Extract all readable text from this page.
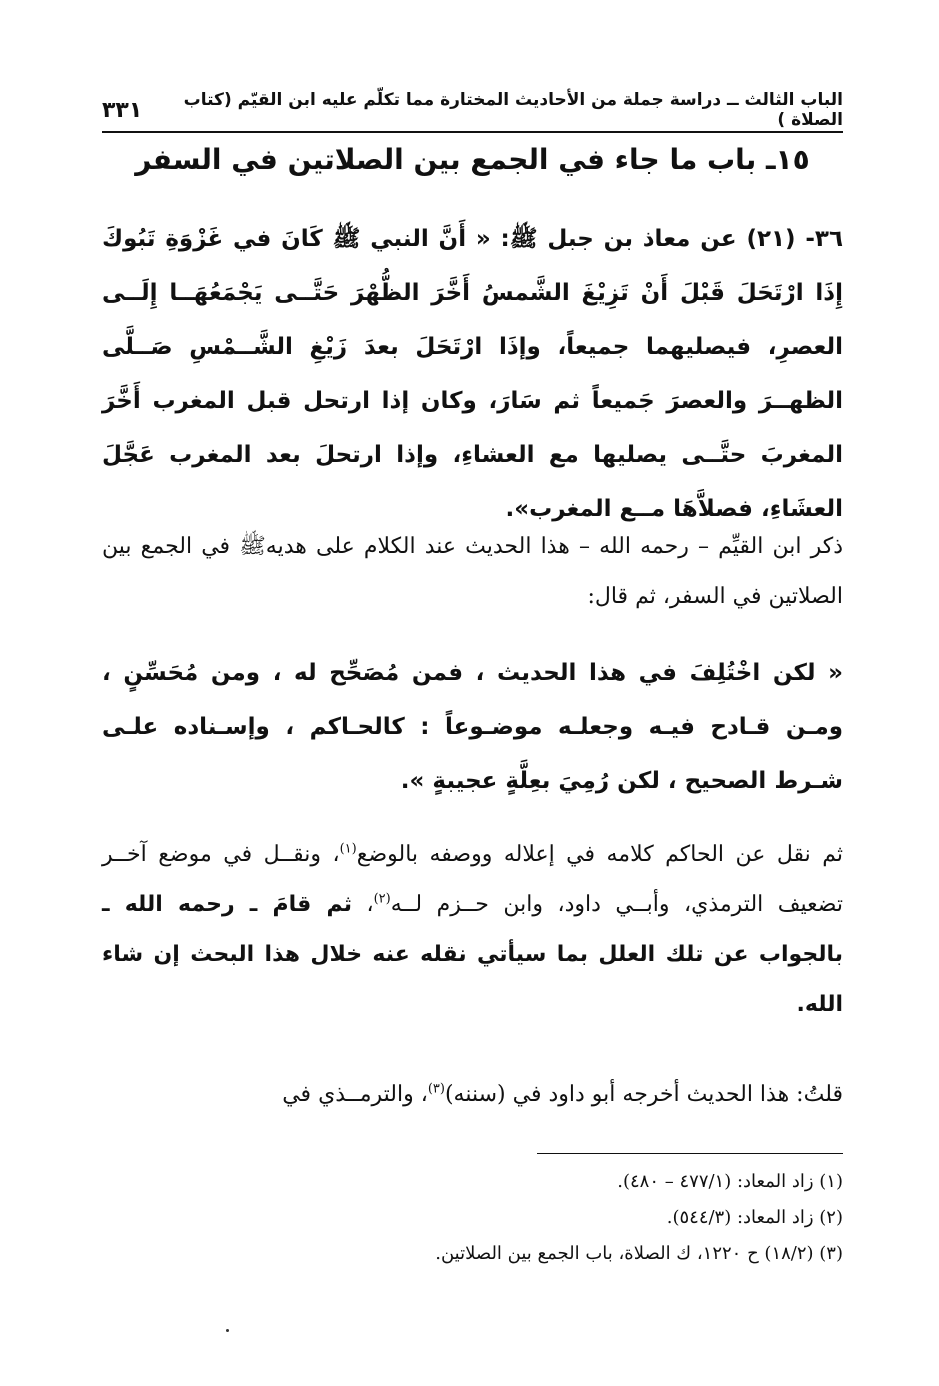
الباب الثالث ــ دراسة جملة من الأحاديث المختارة مما تكلّم عليه ابن القيّم (كتاب الصلاة )
٣٣١
١٥ـ باب ما جاء في الجمع بين الصلاتين في السفر
٣٦- (٢١) عن معاذ بن جبل ﷺ: « أَنَّ النبي ﷺ كَانَ في غَزْوَةِ تَبُوكَ إِذَا ارْتَحَلَ قَبْلَ أَنْ تَزِيْغَ الشَّمسُ أَخَّرَ الظُّهْرَ حَتَّــى يَجْمَعُهَــا إِلَــى العصرِ، فيصليهما جميعاً، وإذَا ارْتَحَلَ بعدَ زَيْغِ الشَّــمْسِ صَــلَّى الظهــرَ والعصرَ جَميعاً ثم سَارَ، وكان إذا ارتحل قبل المغرب أَخَّرَ المغربَ حتَّــى يصليها مع العشاءِ، وإذا ارتحلَ بعد المغرب عَجَّلَ العشَاءِ، فصلاَّهَا مــع المغرب».
ذكر ابن القيِّم – رحمه الله – هذا الحديث عند الكلام على هديهﷺ في الجمع بين الصلاتين في السفر، ثم قال:
« لكن اخْتُلِفَ في هذا الحديث ، فمن مُصَحِّح له ، ومن مُحَسِّنٍ ، ومـن قـادح فيـه وجعلـه موضـوعاً : كالحـاكم ، وإسـناده علـى شـرط الصحيح ، لكن رُمِيَ بعِلَّةٍ عجيبةٍ ».
ثم نقل عن الحاكم كلامه في إعلاله ووصفه بالوضع$^{(١)}$، ونقــل في موضع آخــر تضعيف الترمذي، وأبــي داود، وابن حــزم لــه$^{(٢)}$، ثم قامَ ـ رحمه الله ـ بالجواب عن تلك العلل بما سيأتي نقله عنه خلال هذا البحث إن شاء الله.
قلتُ: هذا الحديث أخرجه أبو داود في (سننه)$^{(٣)}$، والترمــذي في
(١) زاد المعاد: (٤٧٧/١ – ٤٨٠).
(٢) زاد المعاد: (٥٤٤/٣).
(٣) (١٨/٢) ح ١٢٢٠، ك الصلاة، باب الجمع بين الصلاتين.
